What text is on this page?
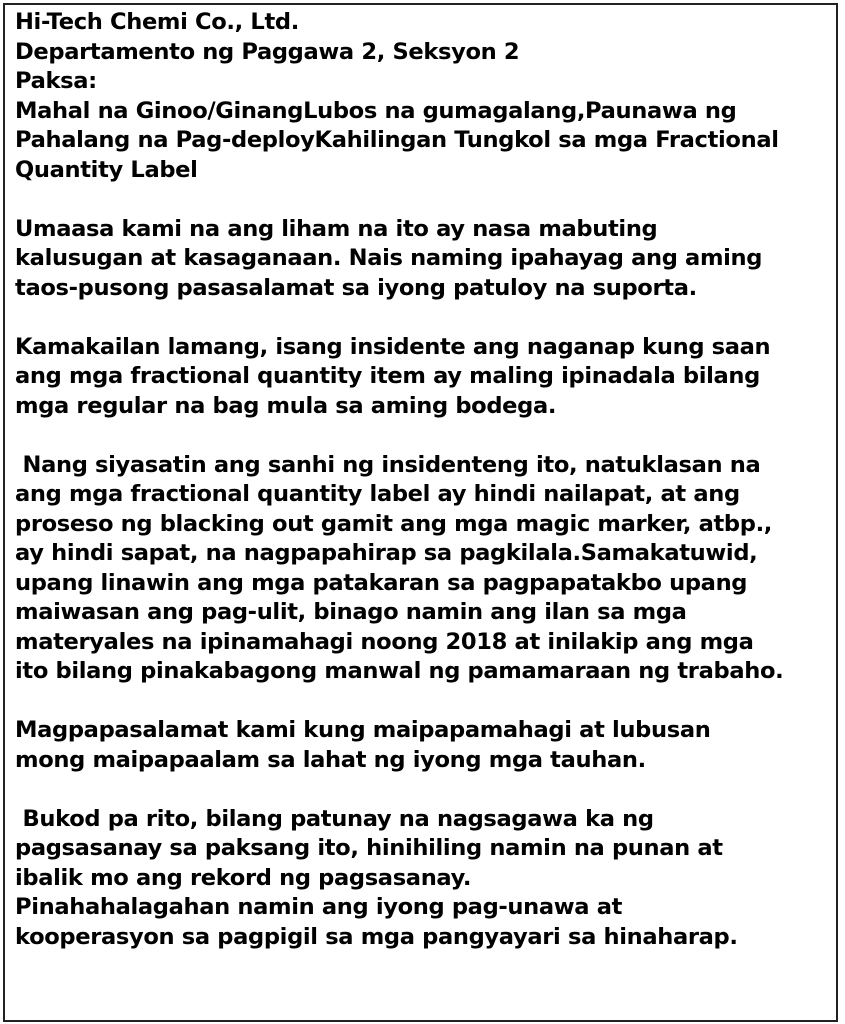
Hi-Tech Chemi Co., Ltd.
Departamento ng Paggawa 2, Seksyon 2
Paksa:
Mahal na Ginoo/GinangLubos na gumagalang,Paunawa ng
Pahalang na Pag-deployKahilingan Tungkol sa mga Fractional
Quantity Label
Umaasa kami na ang liham na ito ay nasa mabuting
kalusugan at kasaganaan. Nais naming ipahayag ang aming
taos-pusong pasasalamat sa iyong patuloy na suporta.
Kamakailan lamang, isang insidente ang naganap kung saan
ang mga fractional quantity item ay maling ipinadala bilang
mga regular na bag mula sa aming bodega.
Nang siyasatin ang sanhi ng insidenteng ito, natuklasan na
ang mga fractional quantity label ay hindi nailapat, at ang
proseso ng blacking out gamit ang mga magic marker, atbp.,
ay hindi sapat, na nagpapahirap sa pagkilala.Samakatuwid,
upang linawin ang mga patakaran sa pagpapatakbo upang
maiwasan ang pag-ulit, binago namin ang ilan sa mga
materyales na ipinamahagi noong 2018 at inilakip ang mga
ito bilang pinakabagong manwal ng pamamaraan ng trabaho.
Magpapasalamat kami kung maipapamahagi at lubusan
mong maipapaalam sa lahat ng iyong mga tauhan.
Bukod pa rito, bilang patunay na nagsagawa ka ng
pagsasanay sa paksang ito, hinihiling namin na punan at
ibalik mo ang rekord ng pagsasanay.
Pinahahalagahan namin ang iyong pag-unawa at
kooperasyon sa pagpigil sa mga pangyayari sa hinaharap.
